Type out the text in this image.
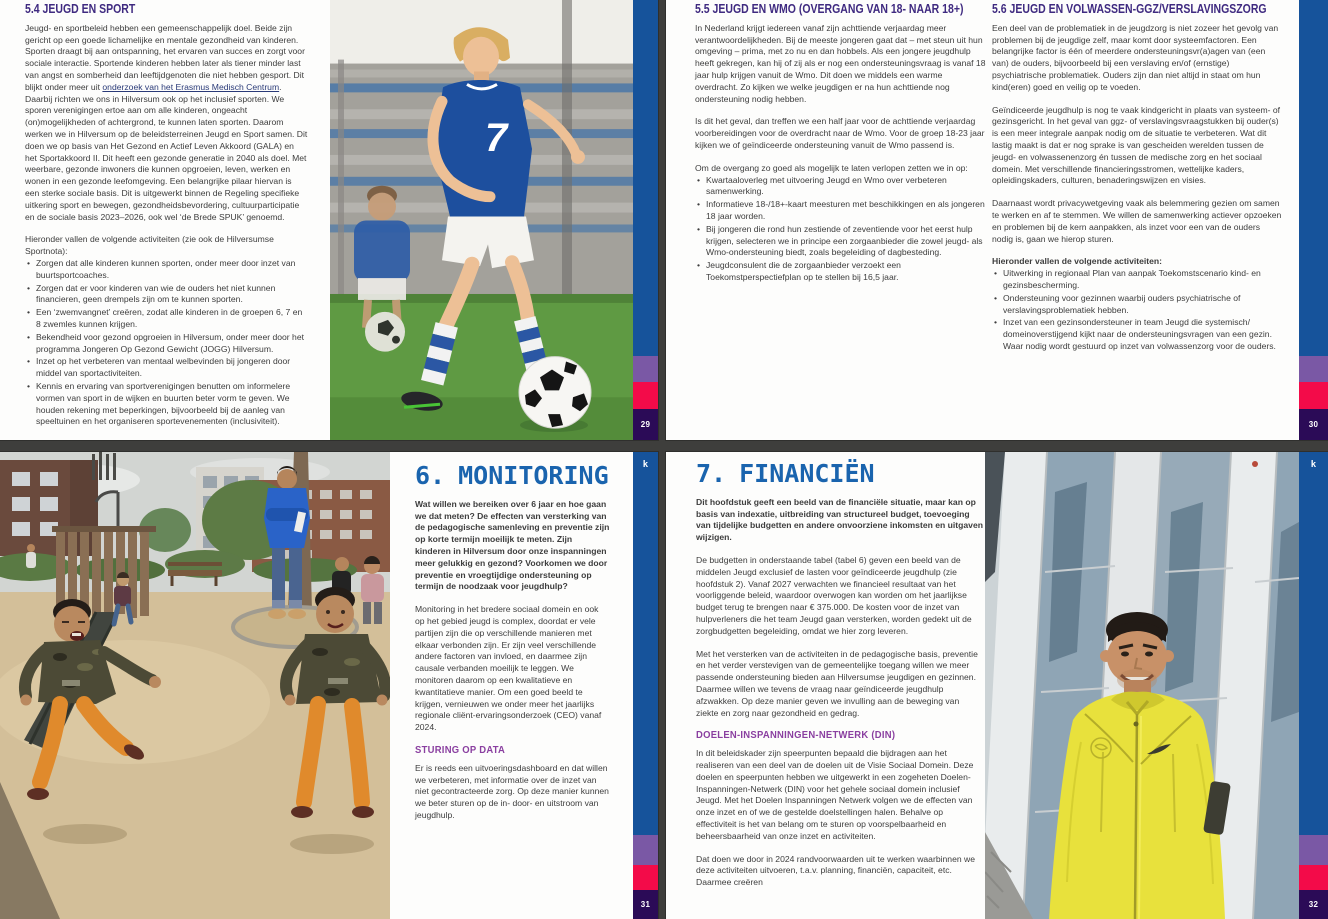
5.4 JEUGD EN SPORT

Jeugd- en sportbeleid hebben een gemeenschappelijk doel. Beide zijn gericht op een goede lichamelijke en mentale gezondheid van kinderen. Sporten draagt bij aan ontspanning, het ervaren van succes en zorgt voor sociale interactie. Sportende kinderen hebben later als tiener minder last van angst en somberheid dan leeftijdgenoten die niet hebben gesport. Dit blijkt onder meer uit onderzoek van het Erasmus Medisch Centrum. Daarbij richten we ons in Hilversum ook op het inclusief sporten. We sporen verenigingen ertoe aan om alle kinderen, ongeacht (on)mogelijkheden of achtergrond, te kunnen laten sporten. Daarom werken we in Hilversum op de beleidsterreinen Jeugd en Sport samen. Dit doen we op basis van Het Gezond en Actief Leven Akkoord (GALA) en het Sportakkoord II. Dit heeft een gezonde generatie in 2040 als doel. Met weerbare, gezonde inwoners die kunnen opgroeien, leven, werken en wonen in een gezonde leefomgeving. Een belangrijke pilaar hiervan is een sterke sociale basis. Dit is uitgewerkt binnen de Regeling specifieke uitkering sport en bewegen, gezondheidsbevordering, cultuurparticipatie en de sociale basis 2023–2026, ook wel ‘de Brede SPUK’ genoemd.

Hieronder vallen de volgende activiteiten (zie ook de Hilversumse Sportnota):

• Zorgen dat alle kinderen kunnen sporten, onder meer door inzet van buurtsportcoaches.
• Zorgen dat er voor kinderen van wie de ouders het niet kunnen financieren, geen drempels zijn om te kunnen sporten.
• Een ‘zwemvangnet’ creëren, zodat alle kinderen in de groepen 6, 7 en 8 zwemles kunnen krijgen.
• Bekendheid voor gezond opgroeien in Hilversum, onder meer door het programma Jongeren Op Gezond Gewicht (JOGG) Hilversum.
• Inzet op het verbeteren van mentaal welbevinden bij jongeren door middel van sportactiviteiten.
• Kennis en ervaring van sportverenigingen benutten om informelere vormen van sport in de wijken en buurten beter vorm te geven. We houden rekening met beperkingen, bijvoorbeeld bij de aanleg van speeltuinen en het organiseren sportevenementen (inclusiviteit).
7
29
5.5 JEUGD EN WMO (OVERGANG VAN 18- NAAR 18+)

In Nederland krijgt iedereen vanaf zijn achttiende verjaardag meer verantwoordelijkheden. Bij de meeste jongeren gaat dat – met steun uit hun omgeving – prima, met zo nu en dan hobbels. Als een jongere jeugdhulp heeft gekregen, kan hij of zij als er nog een ondersteuningsvraag is vanaf 18 jaar hulp krijgen vanuit de Wmo. Dit doen we middels een warme overdracht. Zo kijken we welke jeugdigen er na hun achttiende nog ondersteuning nodig hebben.

Is dit het geval, dan treffen we een half jaar voor de achttiende verjaardag voorbereidingen voor de overdracht naar de Wmo. Voor de groep 18-23 jaar kijken we of geïndiceerde ondersteuning vanuit de Wmo passend is.

Om de overgang zo goed als mogelijk te laten verlopen zetten we in op:

• Kwartaaloverleg met uitvoering Jeugd en Wmo over verbeteren samenwerking.
• Informatieve 18-/18+-kaart meesturen met beschikkingen en als jongeren 18 jaar worden.
• Bij jongeren die rond hun zestiende of zeventiende voor het eerst hulp krijgen, selecteren we in principe een zorgaanbieder die zowel jeugd- als Wmo-ondersteuning biedt, zoals begeleiding of dagbesteding.
• Jeugdconsulent die de zorgaanbieder verzoekt een Toekomstperspectiefplan op te stellen bij 16,5 jaar.
5.6 JEUGD EN VOLWASSEN-GGZ/VERSLAVINGSZORG

Een deel van de problematiek in de jeugdzorg is niet zozeer het gevolg van problemen bij de jeugdige zelf, maar komt door systeemfactoren. Een belangrijke factor is één of meerdere ondersteuningsvr(a)agen van (een van) de ouders, bijvoorbeeld bij een verslaving en/of (ernstige) psychiatrische problematiek. Ouders zijn dan niet altijd in staat om hun kind(eren) goed en veilig op te voeden.

Geïndiceerde jeugdhulp is nog te vaak kindgericht in plaats van systeem- of gezinsgericht. In het geval van ggz- of verslavingsvraagstukken bij ouder(s) is een meer integrale aanpak nodig om de situatie te verbeteren. Wat dit lastig maakt is dat er nog sprake is van gescheiden werelden tussen de jeugd- en volwassenenzorg én tussen de medische zorg en het sociaal domein. Met verschillende financieringsstromen, wettelijke kaders, opleidingskaders, culturen, benaderingswijzen en visies.

Daarnaast wordt privacywetgeving vaak als belemmering gezien om samen te werken en af te stemmen. We willen de samenwerking actiever opzoeken en problemen bij de kern aanpakken, als inzet voor een van de ouders nodig is, gaan we hierop sturen.

Hieronder vallen de volgende activiteiten:

• Uitwerking in regionaal Plan van aanpak Toekomstscenario kind- en gezinsbescherming.
• Ondersteuning voor gezinnen waarbij ouders psychiatrische of verslavingsproblematiek hebben.
• Inzet van een gezinsondersteuner in team Jeugd die systemisch/ domeinoverstijgend kijkt naar de ondersteuningsvragen van een gezin. Waar nodig wordt gestuurd op inzet van volwassenzorg voor de ouders.
30
6. MONITORING

Wat willen we bereiken over 6 jaar en hoe gaan we dat meten? De effecten van versterking van de pedagogische samenleving en preventie zijn op korte termijn moeilijk te meten. Zijn kinderen in Hilversum door onze inspanningen meer gelukkig en gezond? Voorkomen we door preventie en vroegtijdige ondersteuning op termijn de noodzaak voor jeugdhulp?

Monitoring in het bredere sociaal domein en ook op het gebied jeugd is complex, doordat er vele partijen zijn die op verschillende manieren met elkaar verbonden zijn. Er zijn veel verschillende andere factoren van invloed, en daarmee zijn causale verbanden moeilijk te leggen. We monitoren daarom op een kwalitatieve en kwantitatieve manier. Om een goed beeld te krijgen, vernieuwen we onder meer het jaarlijks regionale cliënt-ervaringsonderzoek (CEO) vanaf 2024.

STURING OP DATA

Er is reeds een uitvoeringsdashboard en dat willen we verbeteren, met informatie over de inzet van niet gecontracteerde zorg. Op deze manier kunnen we beter sturen op de in- door- en uitstroom van jeugdhulp.

k
31
7. FINANCIËN

Dit hoofdstuk geeft een beeld van de financiële situatie, maar kan op basis van indexatie, uitbreiding van structureel budget, toevoeging van tijdelijke budgetten en andere onvoorziene inkomsten en uitgaven wijzigen.

De budgetten in onderstaande tabel (tabel 6) geven een beeld van de middelen Jeugd exclusief de lasten voor geïndiceerde jeugdhulp (zie hoofdstuk 2). Vanaf 2027 verwachten we financieel resultaat van het voorliggende beleid, waardoor overwogen kan worden om het jaarlijkse budget terug te brengen naar € 375.000. De kosten voor de inzet van hulpverleners die het team Jeugd gaan versterken, worden gedekt uit de zorgbudgetten begeleiding, omdat we hier zorg leveren.

Met het versterken van de activiteiten in de pedagogische basis, preventie en het verder verstevigen van de gemeentelijke toegang willen we meer passende ondersteuning bieden aan Hilversumse jeugdigen en gezinnen. Daarmee willen we tevens de vraag naar geïndiceerde jeugdhulp afzwakken. Op deze manier geven we invulling aan de beweging van ziekte en zorg naar gezondheid en gedrag.

DOELEN-INSPANNINGEN-NETWERK (DIN)

In dit beleidskader zijn speerpunten bepaald die bijdragen aan het realiseren van een deel van de doelen uit de Visie Sociaal Domein. Deze doelen en speerpunten hebben we uitgewerkt in een zogeheten Doelen-Inspanningen-Netwerk (DIN) voor het gehele sociaal domein inclusief Jeugd. Met het Doelen Inspanningen Netwerk volgen we de effecten van onze inzet en of we de gestelde doelstellingen halen. Behalve op effectiviteit is het van belang om te sturen op voorspelbaarheid en beheersbaarheid van onze inzet en activiteiten.

Dat doen we door in 2024 randvoorwaarden uit te werken waarbinnen we deze activiteiten uitvoeren, t.a.v. planning, financiën, capaciteit, etc. Daarmee creëren

k
32
